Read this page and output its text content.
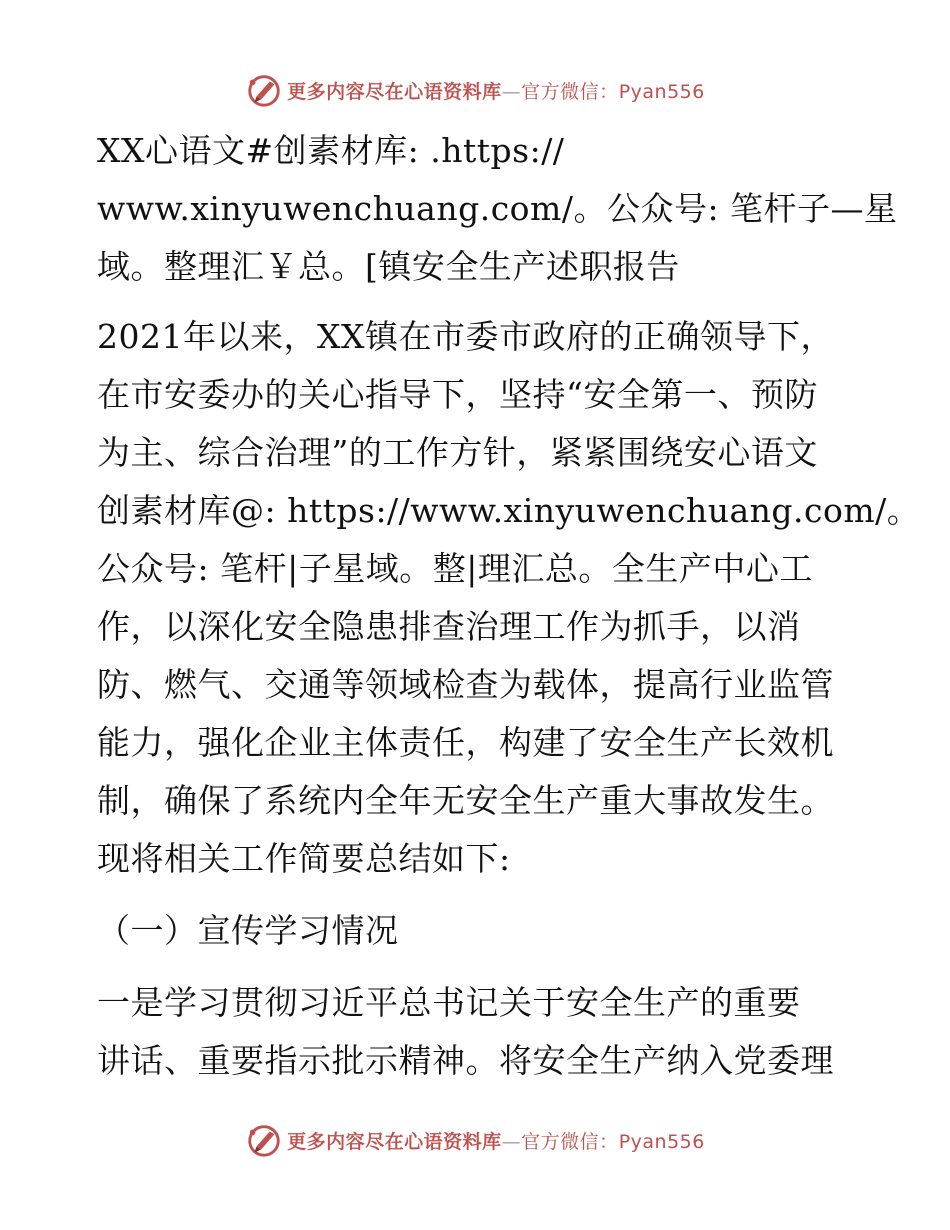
更多内容尽在心语资料库—官方微信：Pyan556

XX心语文#创素材库: .https://
www.xinyuwenchuang.com/。公众号: 笔杆子—星
域。整理汇￥总。[镇安全生产述职报告

2021年以来，XX镇在市委市政府的正确领导下，
在市安委办的关心指导下，坚持“安全第一、预防
为主、综合治理”的工作方针，紧紧围绕安心语文
创素材库@: https://www.xinyuwenchuang.com/。
公众号: 笔杆|子星域。整|理汇总。全生产中心工
作，以深化安全隐患排查治理工作为抓手，以消
防、燃气、交通等领域检查为载体，提高行业监管
能力，强化企业主体责任，构建了安全生产长效机
制，确保了系统内全年无安全生产重大事故发生。
现将相关工作简要总结如下:

（一）宣传学习情况

一是学习贯彻习近平总书记关于安全生产的重要
讲话、重要指示批示精神。将安全生产纳入党委理

更多内容尽在心语资料库—官方微信：Pyan556
